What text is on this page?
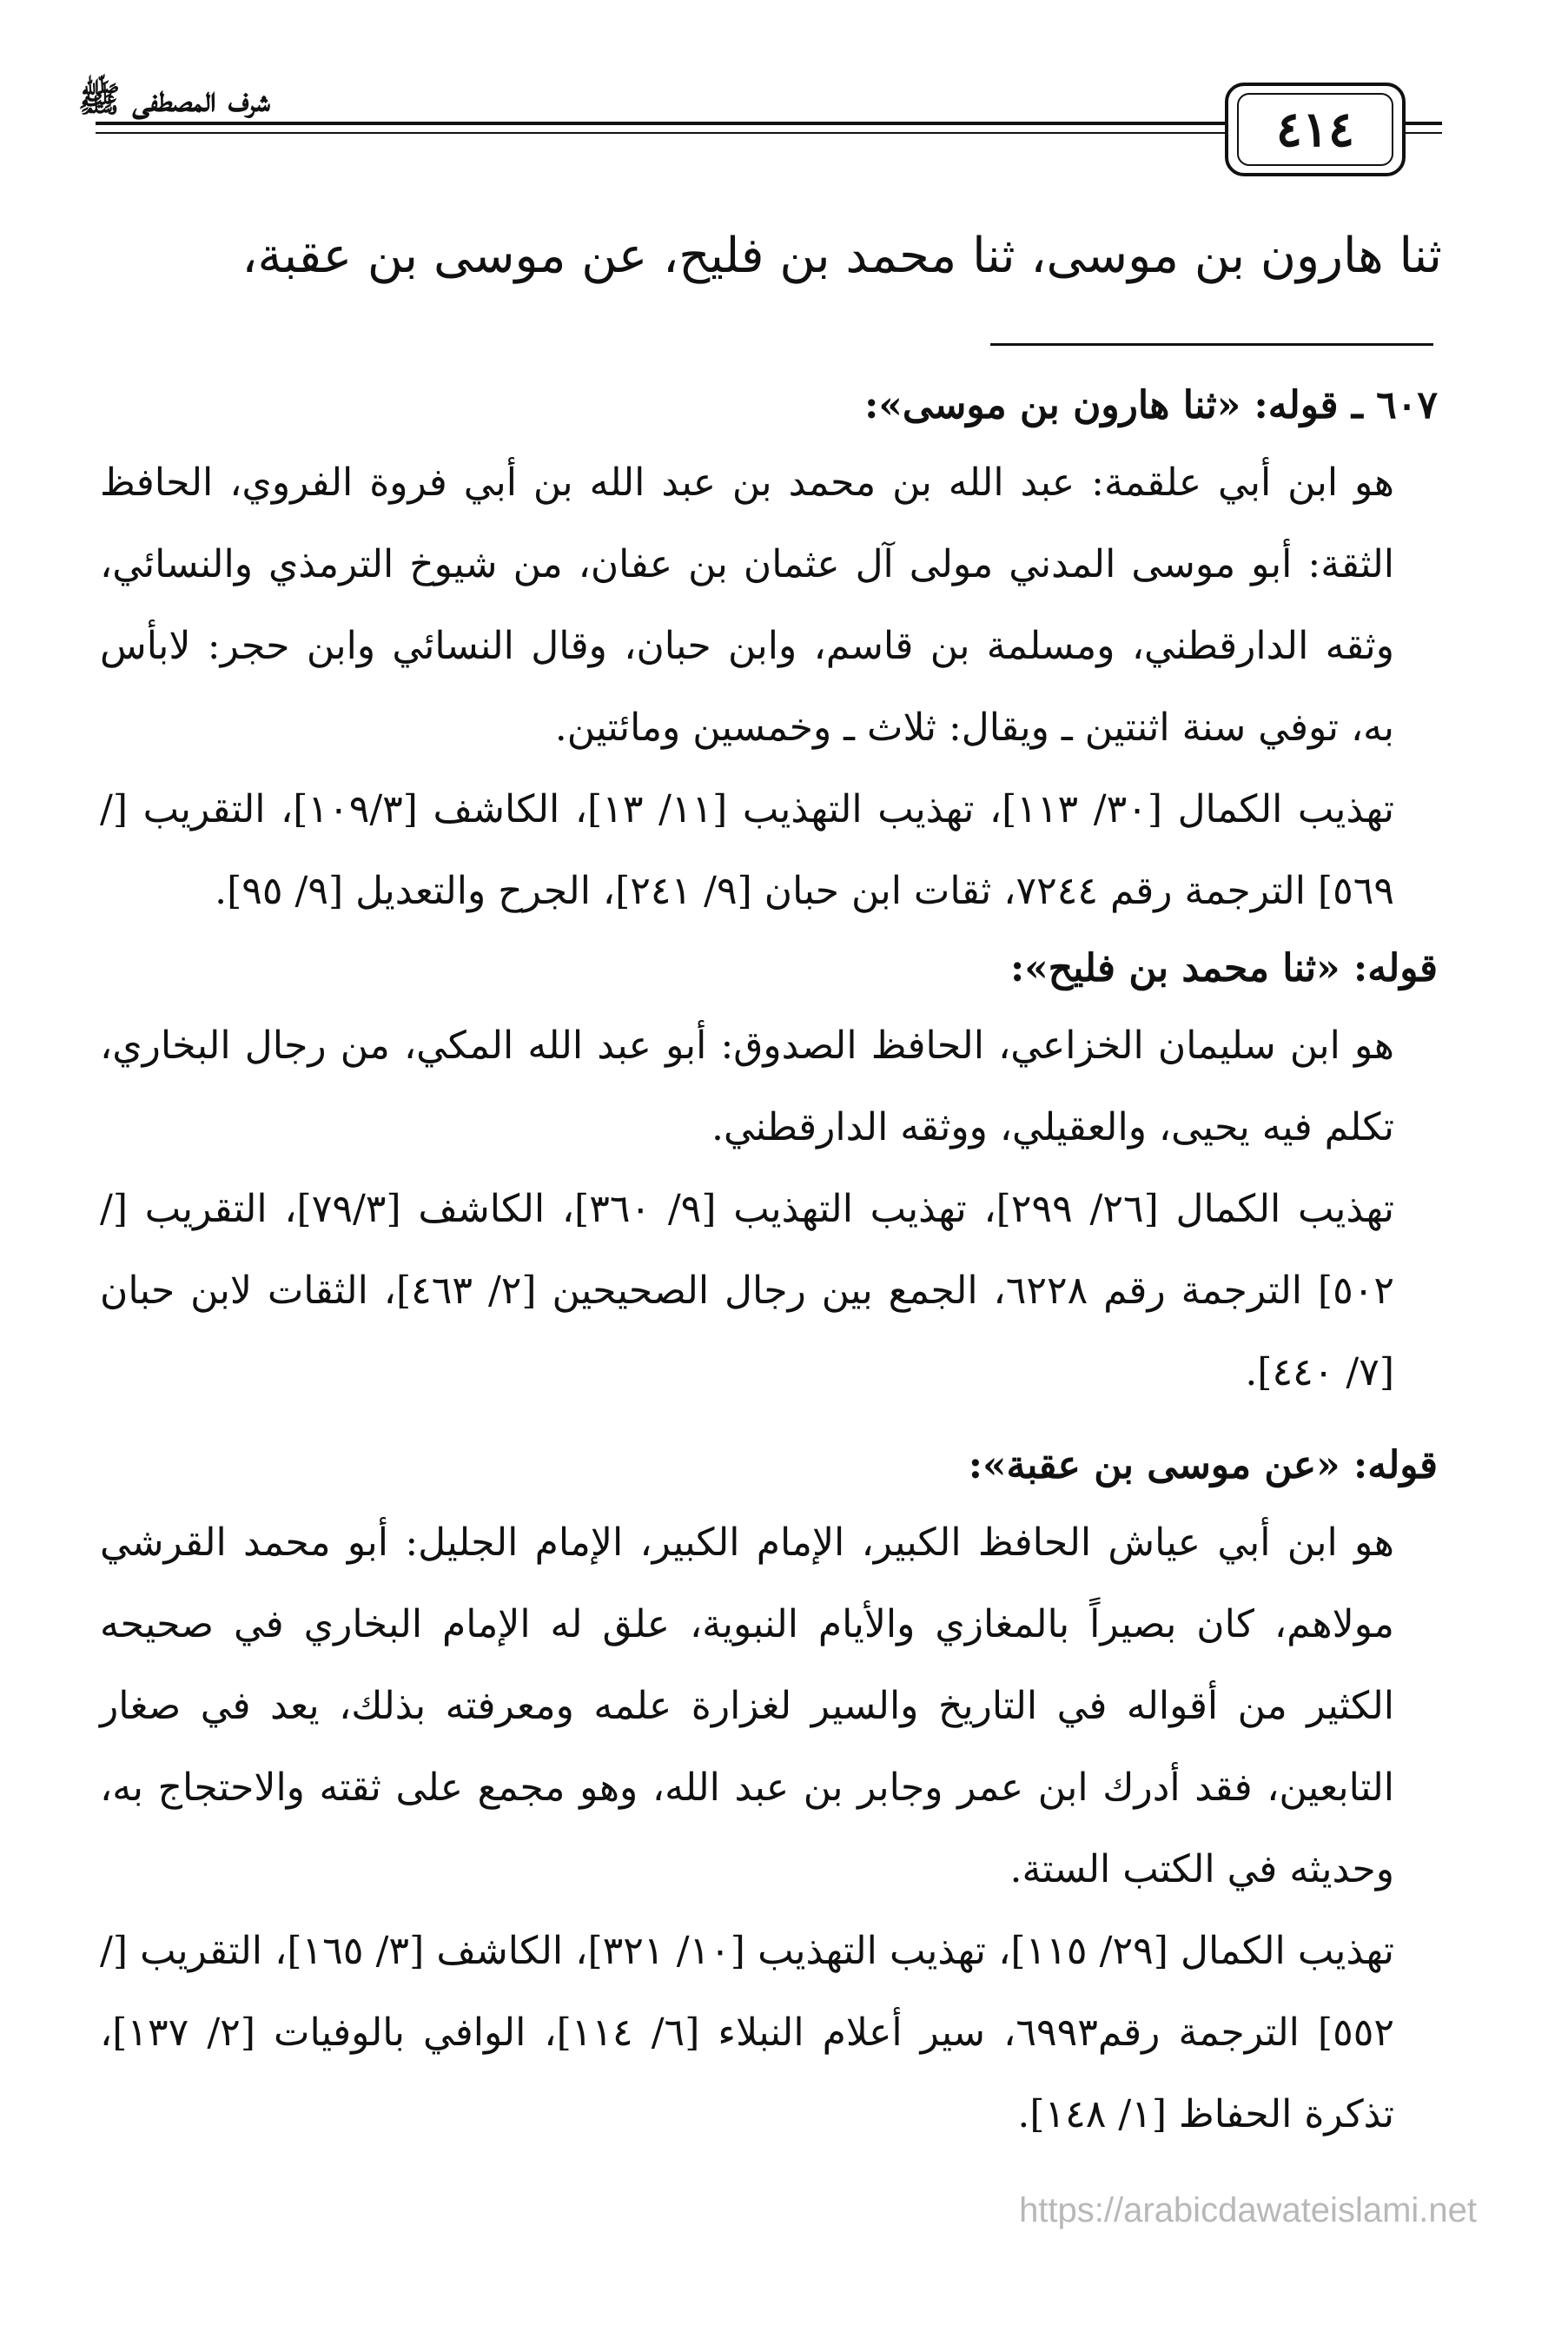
شرف المصطفى ﷺ
٤١٤
ثنا هارون بن موسى، ثنا محمد بن فليح، عن موسى بن عقبة،

٦٠٧ ـ قوله: «ثنا هارون بن موسى»:

هو ابن أبي علقمة: عبد الله بن محمد بن عبد الله بن أبي فروة الفروي، الحافظ الثقة: أبو موسى المدني مولى آل عثمان بن عفان، من شيوخ الترمذي والنسائي، وثقه الدارقطني، ومسلمة بن قاسم، وابن حبان، وقال النسائي وابن حجر: لابأس به، توفي سنة اثنتين ـ ويقال: ثلاث ـ وخمسين ومائتين.

تهذيب الكمال [٣٠/ ١١٣]، تهذيب التهذيب [١١/ ١٣]، الكاشف [١٠٩/٣]، التقريب [/ ٥٦٩] الترجمة رقم ٧٢٤٤، ثقات ابن حبان [٩/ ٢٤١]، الجرح والتعديل [٩/ ٩٥].

قوله: «ثنا محمد بن فليح»:

هو ابن سليمان الخزاعي، الحافظ الصدوق: أبو عبد الله المكي، من رجال البخاري، تكلم فيه يحيى، والعقيلي، ووثقه الدارقطني.

تهذيب الكمال [٢٦/ ٢٩٩]، تهذيب التهذيب [٩/ ٣٦٠]، الكاشف [٧٩/٣]، التقريب [/ ٥٠٢] الترجمة رقم ٦٢٢٨، الجمع بين رجال الصحيحين [٢/ ٤٦٣]، الثقات لابن حبان [٧/ ٤٤٠].

قوله: «عن موسى بن عقبة»:

هو ابن أبي عياش الحافظ الكبير، الإمام الكبير، الإمام الجليل: أبو محمد القرشي مولاهم، كان بصيراً بالمغازي والأيام النبوية، علق له الإمام البخاري في صحيحه الكثير من أقواله في التاريخ والسير لغزارة علمه ومعرفته بذلك، يعد في صغار التابعين، فقد أدرك ابن عمر وجابر بن عبد الله، وهو مجمع على ثقته والاحتجاج به، وحديثه في الكتب الستة.

تهذيب الكمال [٢٩/ ١١٥]، تهذيب التهذيب [١٠/ ٣٢١]، الكاشف [٣/ ١٦٥]، التقريب [/ ٥٥٢] الترجمة رقم٦٩٩٣، سير أعلام النبلاء [٦/ ١١٤]، الوافي بالوفيات [٢/ ١٣٧]، تذكرة الحفاظ [١/ ١٤٨].

https://arabicdawateislami.net
